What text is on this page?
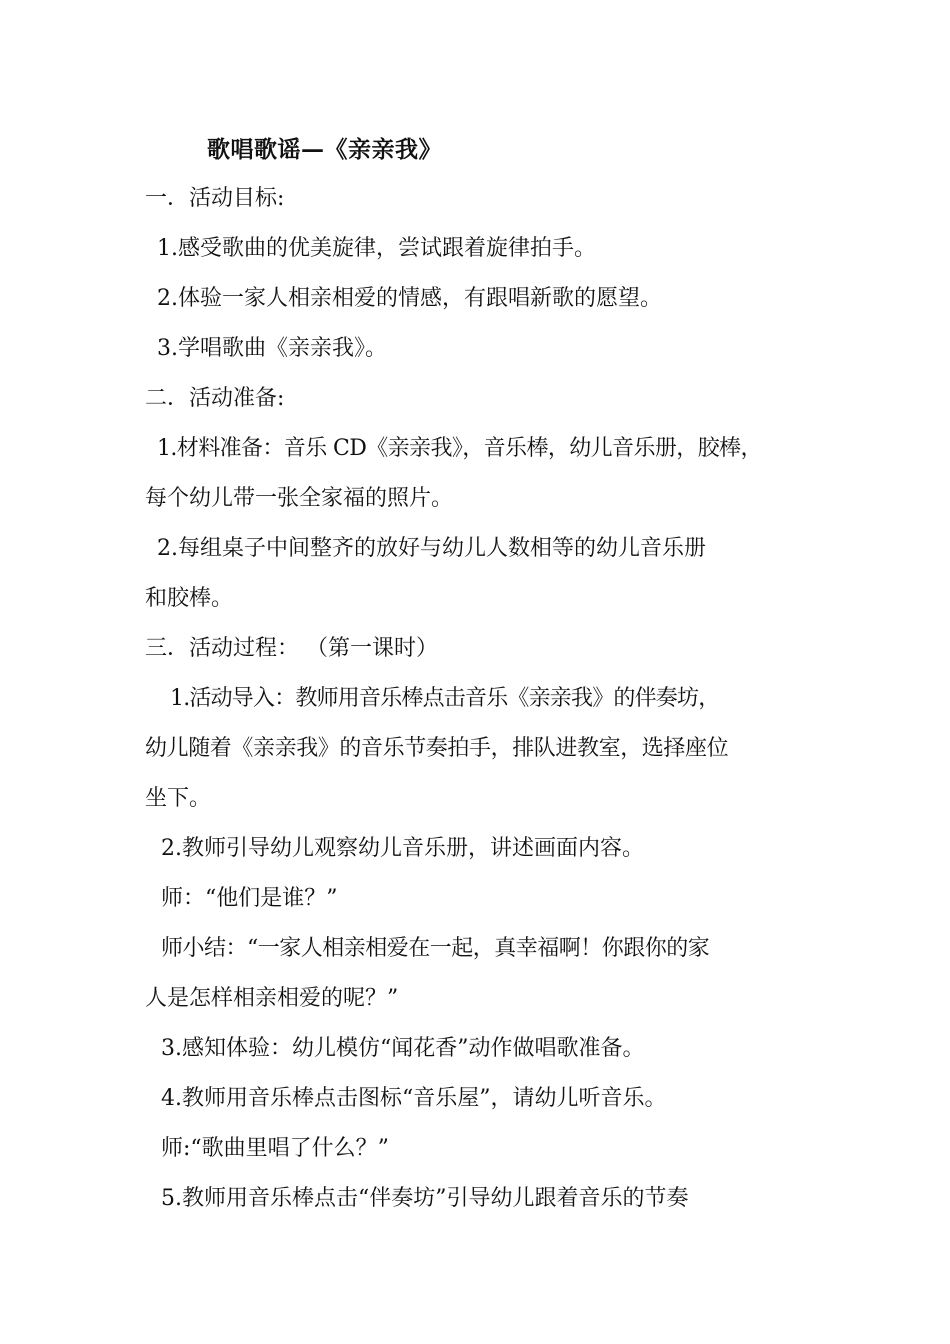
歌唱歌谣—《亲亲我》
一．活动目标:
1.感受歌曲的优美旋律，尝试跟着旋律拍手。
2.体验一家人相亲相爱的情感，有跟唱新歌的愿望。
3.学唱歌曲《亲亲我》。
二．活动准备:
1.材料准备：音乐 CD《亲亲我》，音乐棒，幼儿音乐册，胶棒，
每个幼儿带一张全家福的照片。
2.每组桌子中间整齐的放好与幼儿人数相等的幼儿音乐册
和胶棒。
三．活动过程： （第一课时）
1.活动导入：教师用音乐棒点击音乐《亲亲我》的伴奏坊，
幼儿随着《亲亲我》的音乐节奏拍手，排队进教室，选择座位
坐下。
2.教师引导幼儿观察幼儿音乐册，讲述画面内容。
师：“他们是谁？”
师小结：“一家人相亲相爱在一起，真幸福啊！你跟你的家
人是怎样相亲相爱的呢？”
3.感知体验：幼儿模仿“闻花香”动作做唱歌准备。
4.教师用音乐棒点击图标“音乐屋”，请幼儿听音乐。
师:“歌曲里唱了什么？”
5.教师用音乐棒点击“伴奏坊”引导幼儿跟着音乐的节奏
